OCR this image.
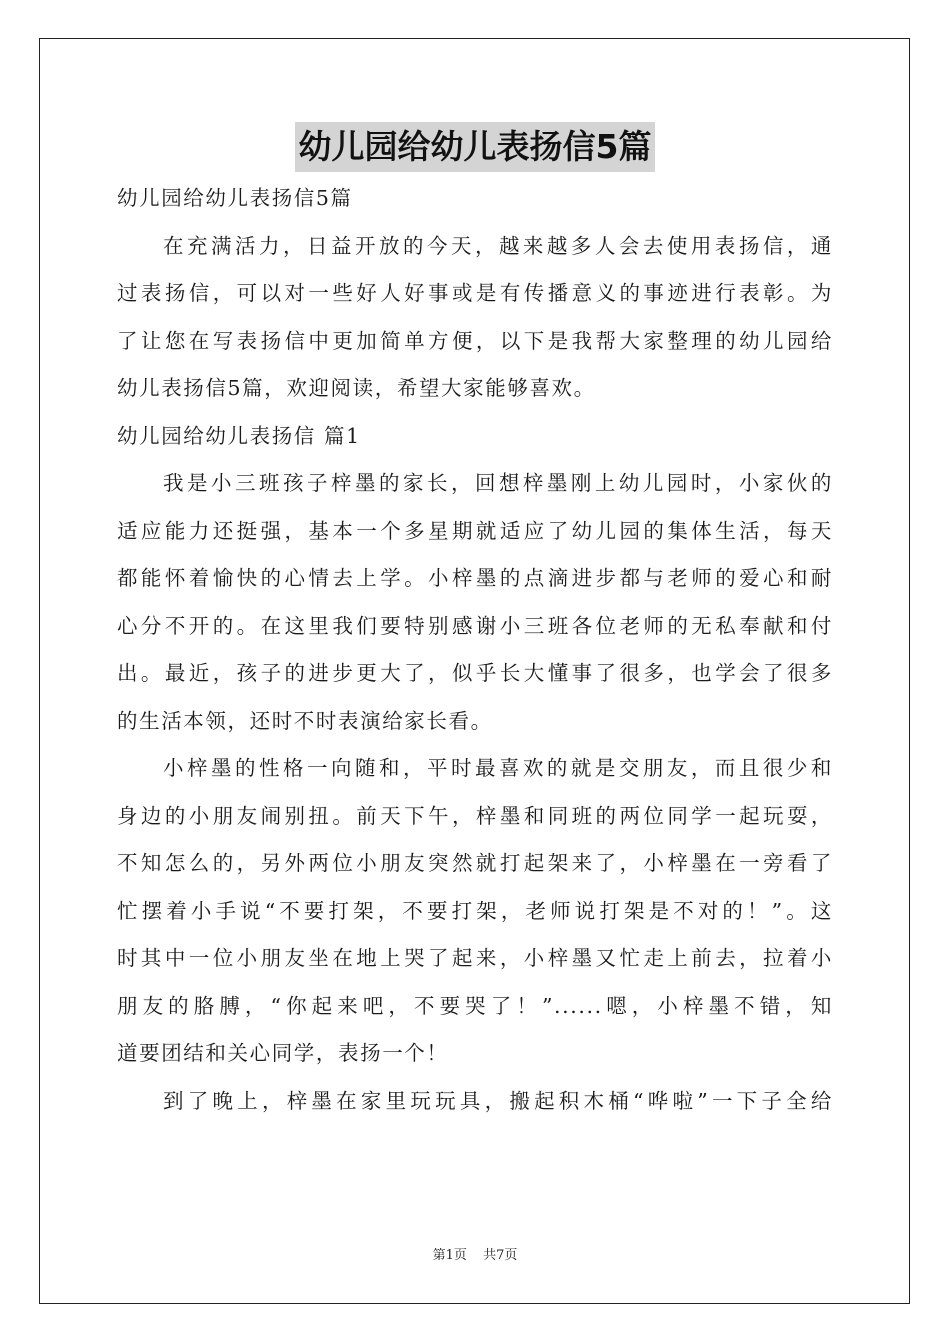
幼儿园给幼儿表扬信5篇
幼儿园给幼儿表扬信5篇
在充满活力，日益开放的今天，越来越多人会去使用表扬信，通
过表扬信，可以对一些好人好事或是有传播意义的事迹进行表彰。为
了让您在写表扬信中更加简单方便，以下是我帮大家整理的幼儿园给
幼儿表扬信5篇，欢迎阅读，希望大家能够喜欢。
幼儿园给幼儿表扬信 篇1
我是小三班孩子梓墨的家长，回想梓墨刚上幼儿园时，小家伙的
适应能力还挺强，基本一个多星期就适应了幼儿园的集体生活，每天
都能怀着愉快的心情去上学。小梓墨的点滴进步都与老师的爱心和耐
心分不开的。在这里我们要特别感谢小三班各位老师的无私奉献和付
出。最近，孩子的进步更大了，似乎长大懂事了很多，也学会了很多
的生活本领，还时不时表演给家长看。
小梓墨的性格一向随和，平时最喜欢的就是交朋友，而且很少和
身边的小朋友闹别扭。前天下午，梓墨和同班的两位同学一起玩耍，
不知怎么的，另外两位小朋友突然就打起架来了，小梓墨在一旁看了
忙摆着小手说“不要打架，不要打架，老师说打架是不对的！”。这
时其中一位小朋友坐在地上哭了起来，小梓墨又忙走上前去，拉着小
朋友的胳膊，“你起来吧，不要哭了！”......嗯，小梓墨不错，知
道要团结和关心同学，表扬一个！
到了晚上，梓墨在家里玩玩具，搬起积木桶“哗啦”一下子全给
第1页 共7页
